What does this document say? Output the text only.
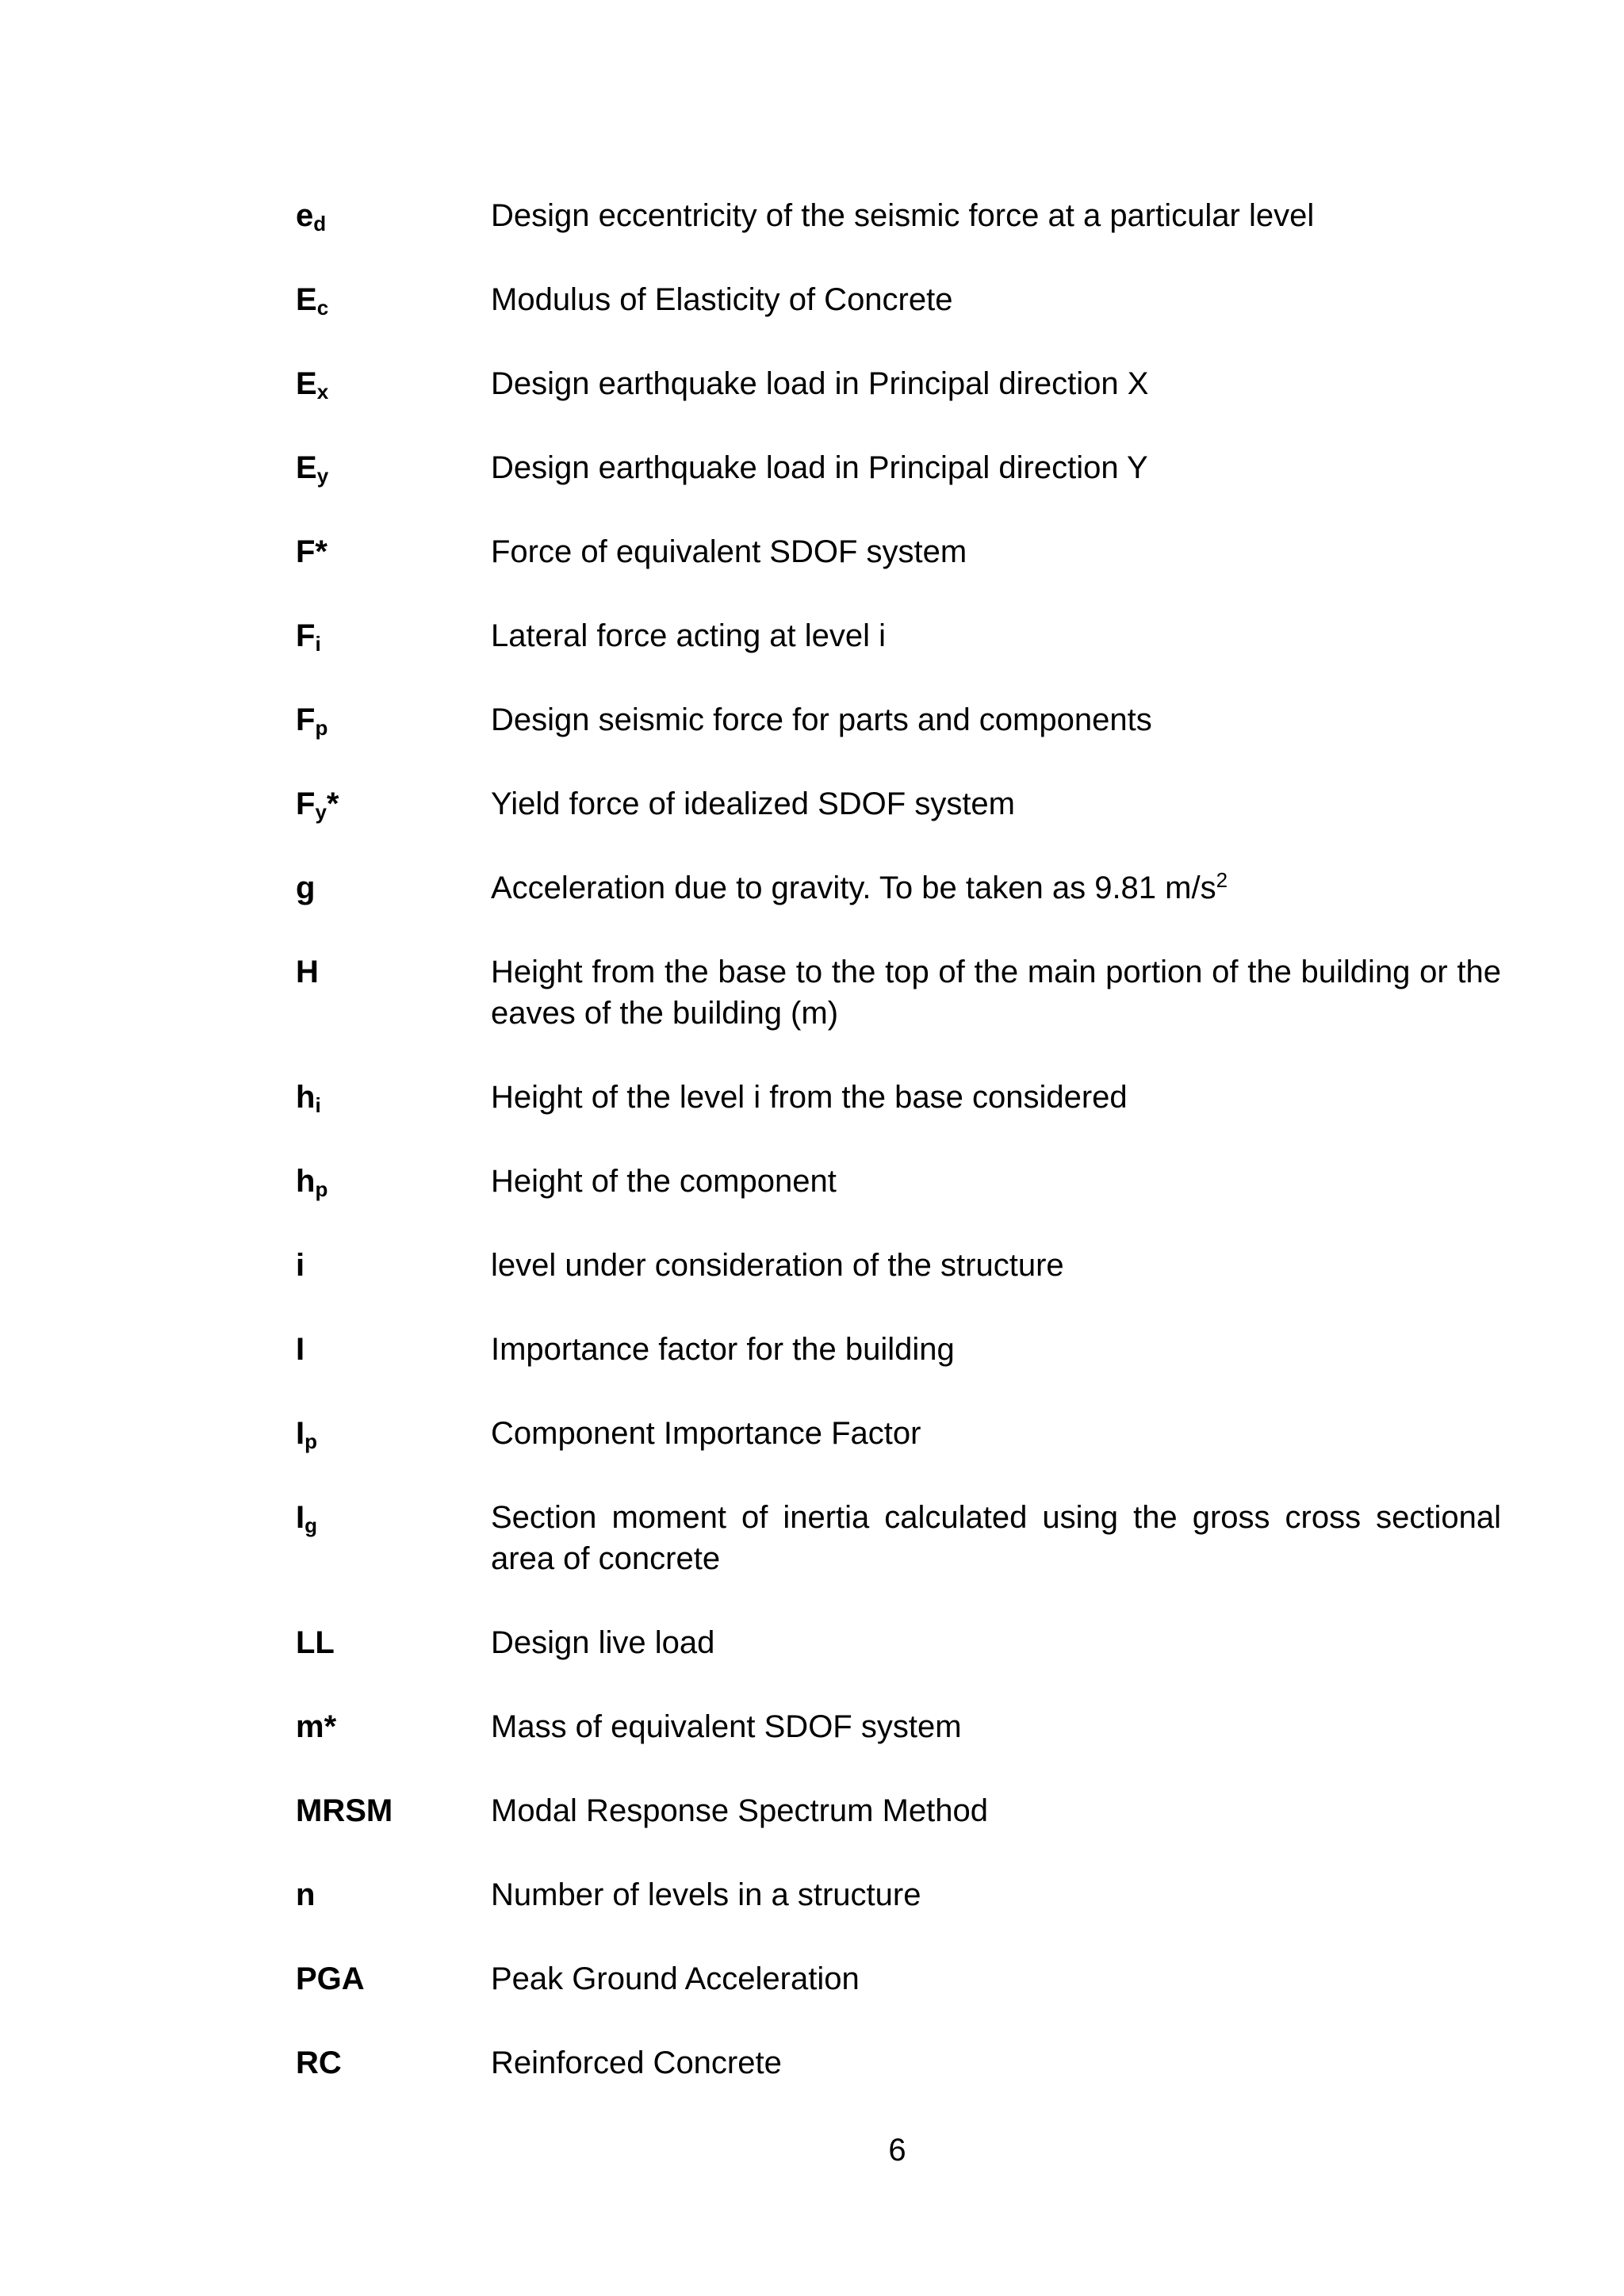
$e_d$	Design eccentricity of the seismic force at a particular level
$E_c$	Modulus of Elasticity of Concrete
$E_x$	Design earthquake load in Principal direction X
$E_y$	Design earthquake load in Principal direction Y
F*	Force of equivalent SDOF system
$F_i$	Lateral force acting at level i
$F_p$	Design seismic force for parts and components
$F_y*$	Yield force of idealized SDOF system
g	Acceleration due to gravity. To be taken as 9.81 $m/s^2$
H	Height from the base to the top of the main portion of the building or the eaves of the building (m)
$h_i$	Height of the level i from the base considered
$h_p$	Height of the component
i	level under consideration of the structure
I	Importance factor for the building
$I_p$	Component Importance Factor
$I_g$	Section moment of inertia calculated using the gross cross sectional area of concrete
LL	Design live load
m*	Mass of equivalent SDOF system
MRSM	Modal Response Spectrum Method
n	Number of levels in a structure
PGA	Peak Ground Acceleration
RC	Reinforced Concrete
6
